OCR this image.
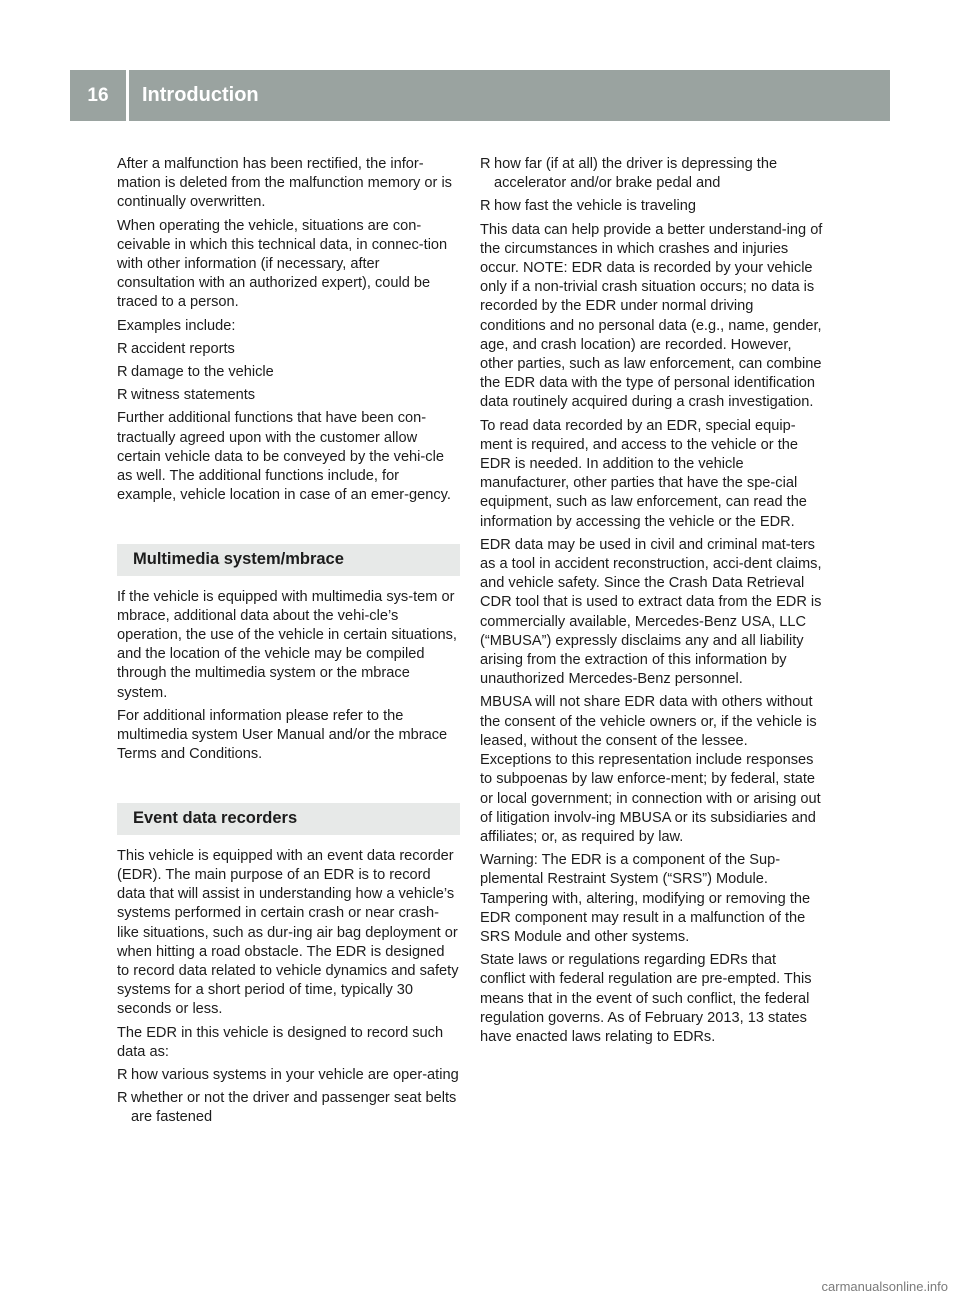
16	Introduction

After a malfunction has been rectified, the infor-mation is deleted from the malfunction memory or is continually overwritten.

When operating the vehicle, situations are con-ceivable in which this technical data, in connec-tion with other information (if necessary, after consultation with an authorized expert), could be traced to a person.

Examples include:

R accident reports
R damage to the vehicle
R witness statements

Further additional functions that have been con-tractually agreed upon with the customer allow certain vehicle data to be conveyed by the vehi-cle as well. The additional functions include, for example, vehicle location in case of an emer-gency.

Multimedia system/mbrace

If the vehicle is equipped with multimedia sys-tem or mbrace, additional data about the vehi-cle’s operation, the use of the vehicle in certain situations, and the location of the vehicle may be compiled through the multimedia system or the mbrace system.

For additional information please refer to the multimedia system User Manual and/or the mbrace Terms and Conditions.

Event data recorders

This vehicle is equipped with an event data recorder (EDR). The main purpose of an EDR is to record data that will assist in understanding how a vehicle’s systems performed in certain crash or near crash-like situations, such as dur-ing air bag deployment or when hitting a road obstacle. The EDR is designed to record data related to vehicle dynamics and safety systems for a short period of time, typically 30 seconds or less.

The EDR in this vehicle is designed to record such data as:

R how various systems in your vehicle are oper-ating
R whether or not the driver and passenger seat belts are fastened
R how far (if at all) the driver is depressing the accelerator and/or brake pedal and
R how fast the vehicle is traveling

This data can help provide a better understand-ing of the circumstances in which crashes and injuries occur. NOTE: EDR data is recorded by your vehicle only if a non-trivial crash situation occurs; no data is recorded by the EDR under normal driving conditions and no personal data (e.g., name, gender, age, and crash location) are recorded. However, other parties, such as law enforcement, can combine the EDR data with the type of personal identification data routinely acquired during a crash investigation.

To read data recorded by an EDR, special equip-ment is required, and access to the vehicle or the EDR is needed. In addition to the vehicle manufacturer, other parties that have the spe-cial equipment, such as law enforcement, can read the information by accessing the vehicle or the EDR.

EDR data may be used in civil and criminal mat-ters as a tool in accident reconstruction, acci-dent claims, and vehicle safety. Since the Crash Data Retrieval CDR tool that is used to extract data from the EDR is commercially available, Mercedes-Benz USA, LLC (“MBUSA”) expressly disclaims any and all liability arising from the extraction of this information by unauthorized Mercedes-Benz personnel.

MBUSA will not share EDR data with others without the consent of the vehicle owners or, if the vehicle is leased, without the consent of the lessee. Exceptions to this representation include responses to subpoenas by law enforce-ment; by federal, state or local government; in connection with or arising out of litigation involv-ing MBUSA or its subsidiaries and affiliates; or, as required by law.

Warning: The EDR is a component of the Sup-plemental Restraint System (“SRS”) Module. Tampering with, altering, modifying or removing the EDR component may result in a malfunction of the SRS Module and other systems.

State laws or regulations regarding EDRs that conflict with federal regulation are pre-empted. This means that in the event of such conflict, the federal regulation governs. As of February 2013, 13 states have enacted laws relating to EDRs.

carmanualsonline.info
